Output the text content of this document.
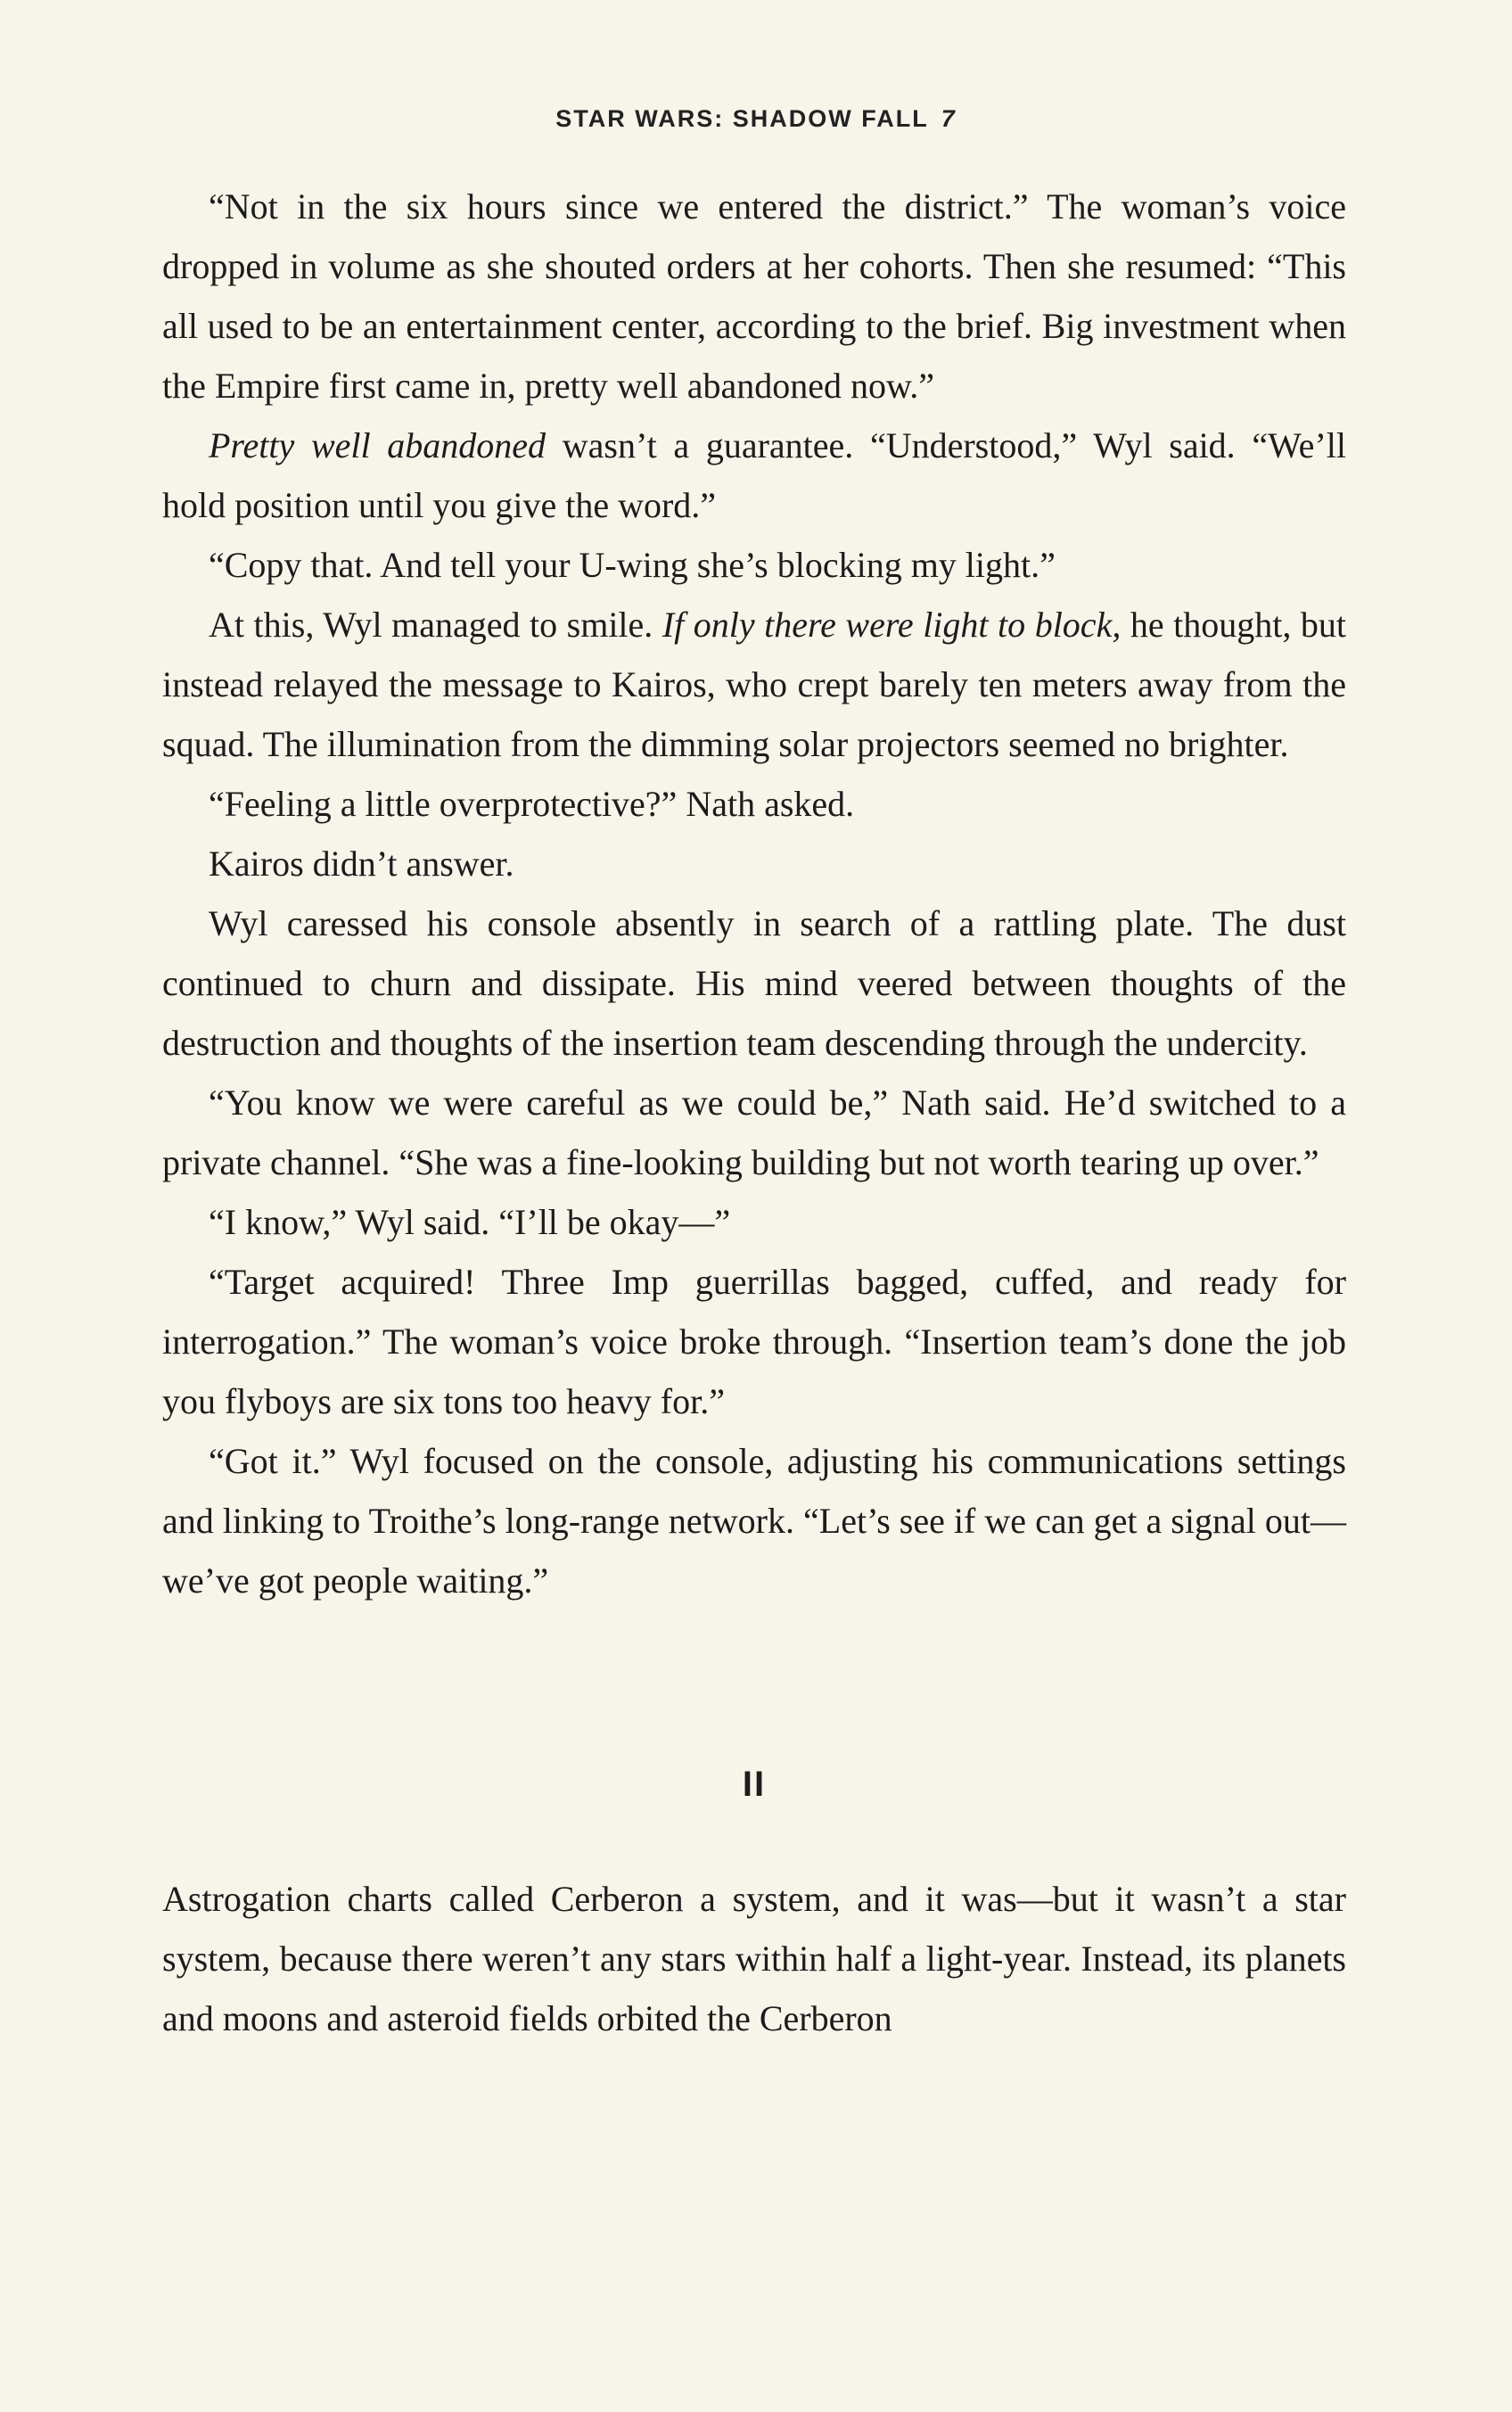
STAR WARS: SHADOW FALL 7

“Not in the six hours since we entered the district.” The woman’s voice dropped in volume as she shouted orders at her cohorts. Then she resumed: “This all used to be an entertainment center, according to the brief. Big investment when the Empire first came in, pretty well abandoned now.”

Pretty well abandoned wasn’t a guarantee. “Understood,” Wyl said. “We’ll hold position until you give the word.”

“Copy that. And tell your U-wing she’s blocking my light.”

At this, Wyl managed to smile. If only there were light to block, he thought, but instead relayed the message to Kairos, who crept barely ten meters away from the squad. The illumination from the dimming solar projectors seemed no brighter.

“Feeling a little overprotective?” Nath asked.

Kairos didn’t answer.

Wyl caressed his console absently in search of a rattling plate. The dust continued to churn and dissipate. His mind veered between thoughts of the destruction and thoughts of the insertion team descending through the undercity.

“You know we were careful as we could be,” Nath said. He’d switched to a private channel. “She was a fine-looking building but not worth tearing up over.”

“I know,” Wyl said. “I’ll be okay—”

“Target acquired! Three Imp guerrillas bagged, cuffed, and ready for interrogation.” The woman’s voice broke through. “Insertion team’s done the job you flyboys are six tons too heavy for.”

“Got it.” Wyl focused on the console, adjusting his communications settings and linking to Troithe’s long-range network. “Let’s see if we can get a signal out—we’ve got people waiting.”

II

Astrogation charts called Cerberon a system, and it was—but it wasn’t a star system, because there weren’t any stars within half a light-year. Instead, its planets and moons and asteroid fields orbited the Cerberon
